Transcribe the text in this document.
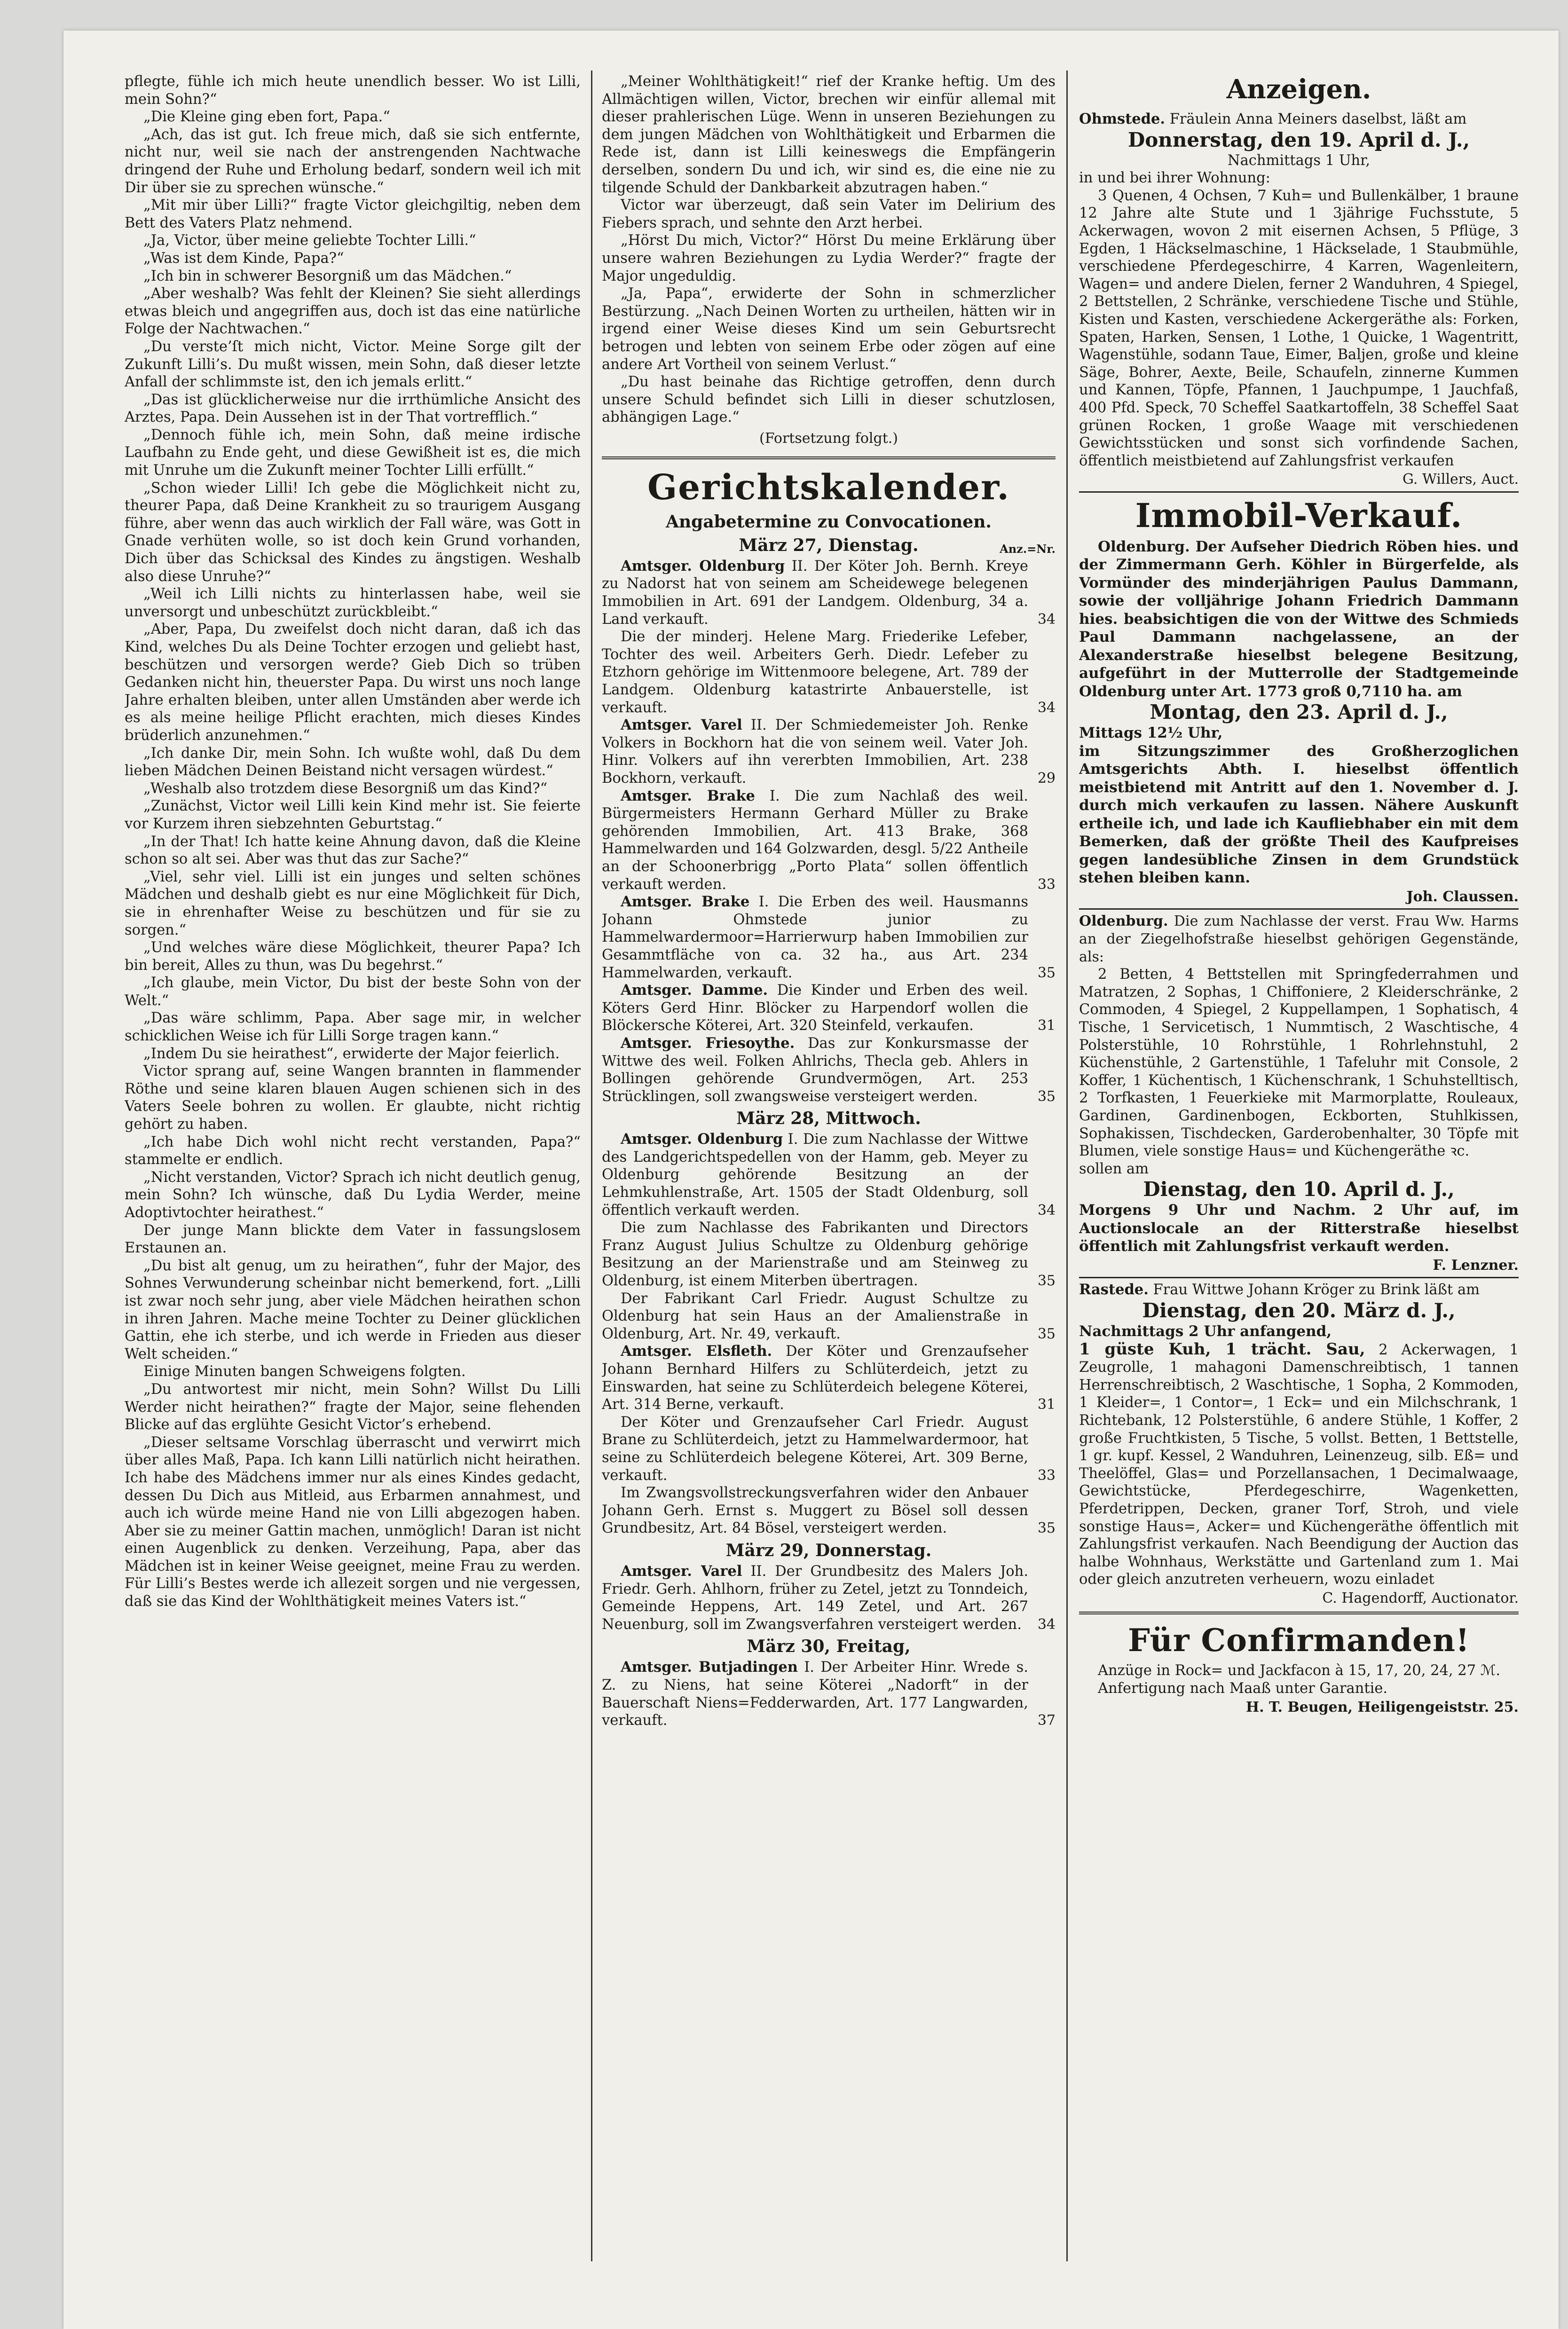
pflegte, fühle ich mich heute unendlich besser. Wo ist Lilli, mein Sohn?“

„Die Kleine ging eben fort, Papa.“

„Ach, das ist gut. Ich freue mich, daß sie sich entfernte, nicht nur, weil sie nach der anstrengenden Nachtwache dringend der Ruhe und Erholung bedarf, sondern weil ich mit Dir über sie zu sprechen wünsche.“

„Mit mir über Lilli?“ fragte Victor gleichgiltig, neben dem Bett des Vaters Platz nehmend.

„Ja, Victor, über meine geliebte Tochter Lilli.“

„Was ist dem Kinde, Papa?“

„Ich bin in schwerer Besorgniß um das Mädchen.“

„Aber weshalb? Was fehlt der Kleinen? Sie sieht allerdings etwas bleich und angegriffen aus, doch ist das eine natürliche Folge der Nachtwachen.“

„Du verste’ſt mich nicht, Victor. Meine Sorge gilt der Zukunft Lilli’s. Du mußt wissen, mein Sohn, daß dieser letzte Anfall der schlimmste ist, den ich jemals erlitt.“

„Das ist glücklicherweise nur die irrthümliche Ansicht des Arztes, Papa. Dein Aussehen ist in der That vortrefflich.“

„Dennoch fühle ich, mein Sohn, daß meine irdische Laufbahn zu Ende geht, und diese Gewißheit ist es, die mich mit Unruhe um die Zukunft meiner Tochter Lilli erfüllt.“

„Schon wieder Lilli! Ich gebe die Möglichkeit nicht zu, theurer Papa, daß Deine Krankheit zu so traurigem Ausgang führe, aber wenn das auch wirklich der Fall wäre, was Gott in Gnade verhüten wolle, so ist doch kein Grund vorhanden, Dich über das Schicksal des Kindes zu ängstigen. Weshalb also diese Unruhe?“

„Weil ich Lilli nichts zu hinterlassen habe, weil sie unversorgt und unbeschützt zurückbleibt.“

„Aber, Papa, Du zweifelst doch nicht daran, daß ich das Kind, welches Du als Deine Tochter erzogen und geliebt hast, beschützen und versorgen werde? Gieb Dich so trüben Gedanken nicht hin, theuerster Papa. Du wirst uns noch lange Jahre erhalten bleiben, unter allen Umständen aber werde ich es als meine heilige Pflicht erachten, mich dieses Kindes brüderlich anzunehmen.“

„Ich danke Dir, mein Sohn. Ich wußte wohl, daß Du dem lieben Mädchen Deinen Beistand nicht versagen würdest.“

„Weshalb also trotzdem diese Besorgniß um das Kind?“

„Zunächst, Victor weil Lilli kein Kind mehr ist. Sie feierte vor Kurzem ihren siebzehnten Geburtstag.“

„In der That! Ich hatte keine Ahnung davon, daß die Kleine schon so alt sei. Aber was thut das zur Sache?“

„Viel, sehr viel. Lilli ist ein junges und selten schönes Mädchen und deshalb giebt es nur eine Möglichkeit für Dich, sie in ehrenhafter Weise zu beschützen und für sie zu sorgen.“

„Und welches wäre diese Möglichkeit, theurer Papa? Ich bin bereit, Alles zu thun, was Du begehrst.“

„Ich glaube, mein Victor, Du bist der beste Sohn von der Welt.“

„Das wäre schlimm, Papa. Aber sage mir, in welcher schicklichen Weise ich für Lilli Sorge tragen kann.“

„Indem Du sie heirathest“, erwiderte der Major feierlich.

Victor sprang auf, seine Wangen brannten in flammender Röthe und seine klaren blauen Augen schienen sich in des Vaters Seele bohren zu wollen. Er glaubte, nicht richtig gehört zu haben.

„Ich habe Dich wohl nicht recht verstanden, Papa?“ stammelte er endlich.

„Nicht verstanden, Victor? Sprach ich nicht deutlich genug, mein Sohn? Ich wünsche, daß Du Lydia Werder, meine Adoptivtochter heirathest.“

Der junge Mann blickte dem Vater in fassungslosem Erstaunen an.

„Du bist alt genug, um zu heirathen“, fuhr der Major, des Sohnes Verwunderung scheinbar nicht bemerkend, fort. „Lilli ist zwar noch sehr jung, aber viele Mädchen heirathen schon in ihren Jahren. Mache meine Tochter zu Deiner glücklichen Gattin, ehe ich sterbe, und ich werde in Frieden aus dieser Welt scheiden.“

Einige Minuten bangen Schweigens folgten.

„Du antwortest mir nicht, mein Sohn? Willst Du Lilli Werder nicht heirathen?“ fragte der Major, seine flehenden Blicke auf das erglühte Gesicht Victor’s erhebend.

„Dieser seltsame Vorschlag überrascht und verwirrt mich über alles Maß, Papa. Ich kann Lilli natürlich nicht heirathen. Ich habe des Mädchens immer nur als eines Kindes gedacht, dessen Du Dich aus Mitleid, aus Erbarmen annahmest, und auch ich würde meine Hand nie von Lilli abgezogen haben. Aber sie zu meiner Gattin machen, unmöglich! Daran ist nicht einen Augenblick zu denken. Verzeihung, Papa, aber das Mädchen ist in keiner Weise geeignet, meine Frau zu werden. Für Lilli’s Bestes werde ich allezeit sorgen und nie vergessen, daß sie das Kind der Wohlthätigkeit meines Vaters ist.“

„Meiner Wohlthätigkeit!“ rief der Kranke heftig. Um des Allmächtigen willen, Victor, brechen wir einfür allemal mit dieser prahlerischen Lüge. Wenn in unseren Beziehungen zu dem jungen Mädchen von Wohlthätigkeit und Erbarmen die Rede ist, dann ist Lilli keineswegs die Empfängerin derselben, sondern Du und ich, wir sind es, die eine nie zu tilgende Schuld der Dankbarkeit abzutragen haben.“

Victor war überzeugt, daß sein Vater im Delirium des Fiebers sprach, und sehnte den Arzt herbei.

„Hörst Du mich, Victor?“ Hörst Du meine Erklärung über unsere wahren Beziehungen zu Lydia Werder?“ fragte der Major ungeduldig.

„Ja, Papa“, erwiderte der Sohn in schmerzlicher Bestürzung. „Nach Deinen Worten zu urtheilen, hätten wir in irgend einer Weise dieses Kind um sein Geburtsrecht betrogen und lebten von seinem Erbe oder zögen auf eine andere Art Vortheil von seinem Verlust.“

„Du hast beinahe das Richtige getroffen, denn durch unsere Schuld befindet sich Lilli in dieser schutzlosen, abhängigen Lage.“

(Fortsetzung folgt.)

Gerichtskalender.
Angabetermine zu Convocationen.
März 27, Dienstag.	Anz.=Nr.

Amtsger. Oldenburg II. Der Köter Joh. Bernh. Kreye zu Nadorst hat von seinem am Scheidewege belegenen Immobilien in Art. 691 der Landgem. Oldenburg, 34 a. Land verkauft.	34

Die der minderj. Helene Marg. Friederike Lefeber, Tochter des weil. Arbeiters Gerh. Diedr. Lefeber zu Etzhorn gehörige im Wittenmoore belegene, Art. 789 der Landgem. Oldenburg katastrirte Anbauerstelle, ist verkauft.	34

Amtsger. Varel II. Der Schmiedemeister Joh. Renke Volkers in Bockhorn hat die von seinem weil. Vater Joh. Hinr. Volkers auf ihn vererbten Immobilien, Art. 238 Bockhorn, verkauft.	29

Amtsger. Brake I. Die zum Nachlaß des weil. Bürgermeisters Hermann Gerhard Müller zu Brake gehörenden Immobilien, Art. 413 Brake, 368 Hammelwarden und 164 Golzwarden, desgl. 5/22 Antheile an der Schoonerbrigg „Porto Plata“ sollen öffentlich verkauft werden.	33

Amtsger. Brake I. Die Erben des weil. Hausmanns Johann Ohmstede junior zu Hammelwardermoor=Harrierwurp haben Immobilien zur Gesammtfläche von ca. 32 ha., aus Art. 234 Hammelwarden, verkauft.	35

Amtsger. Damme. Die Kinder und Erben des weil. Köters Gerd Hinr. Blöcker zu Harpendorf wollen die Blöckersche Köterei, Art. 320 Steinfeld, verkaufen.	31

Amtsger. Friesoythe. Das zur Konkursmasse der Wittwe des weil. Folken Ahlrichs, Thecla geb. Ahlers in Bollingen gehörende Grundvermögen, Art. 253 Strücklingen, soll zwangsweise versteigert werden.	35
März 28, Mittwoch.

Amtsger. Oldenburg I. Die zum Nachlasse der Wittwe des Landgerichtspedellen von der Hamm, geb. Meyer zu Oldenburg gehörende Besitzung an der Lehmkuhlenstraße, Art. 1505 der Stadt Oldenburg, soll öffentlich verkauft werden.	34

Die zum Nachlasse des Fabrikanten und Directors Franz August Julius Schultze zu Oldenburg gehörige Besitzung an der Marienstraße und am Steinweg zu Oldenburg, ist einem Miterben übertragen.	35

Der Fabrikant Carl Friedr. August Schultze zu Oldenburg hat sein Haus an der Amalienstraße in Oldenburg, Art. Nr. 49, verkauft.	35

Amtsger. Elsfleth. Der Köter und Grenzaufseher Johann Bernhard Hilfers zu Schlüterdeich, jetzt zu Einswarden, hat seine zu Schlüterdeich belegene Köterei, Art. 314 Berne, verkauft.	31

Der Köter und Grenzaufseher Carl Friedr. August Brane zu Schlüterdeich, jetzt zu Hammelwardermoor, hat seine zu Schlüterdeich belegene Köterei, Art. 309 Berne, verkauft.	33

Im Zwangsvollstreckungsverfahren wider den Anbauer Johann Gerh. Ernst s. Muggert zu Bösel soll dessen Grundbesitz, Art. 84 Bösel, versteigert werden.	35
März 29, Donnerstag.

Amtsger. Varel II. Der Grundbesitz des Malers Joh. Friedr. Gerh. Ahlhorn, früher zu Zetel, jetzt zu Tonndeich, Gemeinde Heppens, Art. 149 Zetel, und Art. 267 Neuenburg, soll im Zwangsverfahren versteigert werden.	34
März 30, Freitag,

Amtsger. Butjadingen I. Der Arbeiter Hinr. Wrede s. Z. zu Niens, hat seine Köterei „Nadorft“ in der Bauerschaft Niens=Fedderwarden, Art. 177 Langwarden, verkauft.	37
Anzeigen.

Ohmstede. Fräulein Anna Meiners daselbst, läßt am

Donnerstag, den 19. April d. J.,

Nachmittags 1 Uhr,

in und bei ihrer Wohnung:

3 Quenen, 4 Ochsen, 7 Kuh= und Bullenkälber, 1 braune 12 Jahre alte Stute und 1 3jährige Fuchsstute, 5 Ackerwagen, wovon 2 mit eisernen Achsen, 5 Pflüge, 3 Egden, 1 Häckselmaschine, 1 Häckselade, 1 Staubmühle, verschiedene Pferdegeschirre, 4 Karren, Wagenleitern, Wagen= und andere Dielen, ferner 2 Wanduhren, 4 Spiegel, 2 Bettstellen, 2 Schränke, verschiedene Tische und Stühle, Kisten und Kasten, verschiedene Ackergeräthe als: Forken, Spaten, Harken, Sensen, 1 Lothe, 1 Quicke, 1 Wagentritt, Wagenstühle, sodann Taue, Eimer, Baljen, große und kleine Säge, Bohrer, Aexte, Beile, Schaufeln, zinnerne Kummen und Kannen, Töpfe, Pfannen, 1 Jauchpumpe, 1 Jauchfaß, 400 Pfd. Speck, 70 Scheffel Saatkartoffeln, 38 Scheffel Saat grünen Rocken, 1 große Waage mit verschiedenen Gewichtsstücken und sonst sich vorfindende Sachen, öffentlich meistbietend auf Zahlungsfrist verkaufen

G. Willers, Auct.

Immobil-Verkauf.

Oldenburg. Der Aufseher Diedrich Röben hies. und der Zimmermann Gerh. Köhler in Bürgerfelde, als Vormünder des minderjährigen Paulus Dammann, sowie der volljährige Johann Friedrich Dammann hies. beabsichtigen die von der Wittwe des Schmieds Paul Dammann nachgelassene, an der Alexanderstraße hieselbst belegene Besitzung, aufgeführt in der Mutterrolle der Stadtgemeinde Oldenburg unter Art. 1773 groß 0,7110 ha. am

Montag, den 23. April d. J.,

Mittags 12½ Uhr,

im Sitzungszimmer des Großherzoglichen Amtsgerichts Abth. I. hieselbst öffentlich meistbietend mit Antritt auf den 1. November d. J. durch mich verkaufen zu lassen. Nähere Auskunft ertheile ich, und lade ich Kaufliebhaber ein mit dem Bemerken, daß der größte Theil des Kaufpreises gegen landesübliche Zinsen in dem Grundstück stehen bleiben kann.

Joh. Claussen.

Oldenburg. Die zum Nachlasse der verst. Frau Ww. Harms an der Ziegelhofstraße hieselbst gehörigen Gegenstände, als:

2 Betten, 4 Bettstellen mit Springfederrahmen und Matratzen, 2 Sophas, 1 Chiffoniere, 2 Kleiderschränke, 2 Commoden, 4 Spiegel, 2 Kuppellampen, 1 Sophatisch, 4 Tische, 1 Servicetisch, 1 Nummtisch, 2 Waschtische, 4 Polsterstühle, 10 Rohrstühle, 1 Rohrlehnstuhl, 2 Küchenstühle, 2 Gartenstühle, 1 Tafeluhr mit Console, 2 Koffer, 1 Küchentisch, 1 Küchenschrank, 1 Schuhstelltisch, 2 Torfkasten, 1 Feuerkieke mit Marmorplatte, Rouleaux, Gardinen, Gardinenbogen, Eckborten, Stuhlkissen, Sophakissen, Tischdecken, Garderobenhalter, 30 Töpfe mit Blumen, viele sonstige Haus= und Küchengeräthe ꝛc.

sollen am

Dienstag, den 10. April d. J.,

Morgens 9 Uhr und Nachm. 2 Uhr auf, im Auctionslocale an der Ritterstraße hieselbst öffentlich mit Zahlungsfrist verkauft werden.

F. Lenzner.

Rastede. Frau Wittwe Johann Kröger zu Brink läßt am

Dienstag, den 20. März d. J.,

Nachmittags 2 Uhr anfangend,

1 güste Kuh, 1 trächt. Sau, 2 Ackerwagen, 1 Zeugrolle, 1 mahagoni Damenschreibtisch, 1 tannen Herrenschreibtisch, 2 Waschtische, 1 Sopha, 2 Kommoden, 1 Kleider=, 1 Contor=, 1 Eck= und ein Milchschrank, 1 Richtebank, 12 Polsterstühle, 6 andere Stühle, 1 Koffer, 2 große Fruchtkisten, 5 Tische, 5 vollst. Betten, 1 Bettstelle, 1 gr. kupf. Kessel, 2 Wanduhren, Leinenzeug, silb. Eß= und Theelöffel, Glas= und Porzellansachen, 1 Decimalwaage, Gewichtstücke, Pferdegeschirre, Wagenketten, Pferdetrippen, Decken, graner Torf, Stroh, und viele sonstige Haus=, Acker= und Küchengeräthe öffentlich mit Zahlungsfrist verkaufen. Nach Beendigung der Auction das halbe Wohnhaus, Werkstätte und Gartenland zum 1. Mai oder gleich anzutreten verheuern, wozu einladet

C. Hagendorff, Auctionator.

Für Confirmanden!

Anzüge in Rock= und Jackfacon à 15, 17, 20, 24, 27 ℳ.

Anfertigung nach Maaß unter Garantie.

H. T. Beugen, Heiligengeiststr. 25.
